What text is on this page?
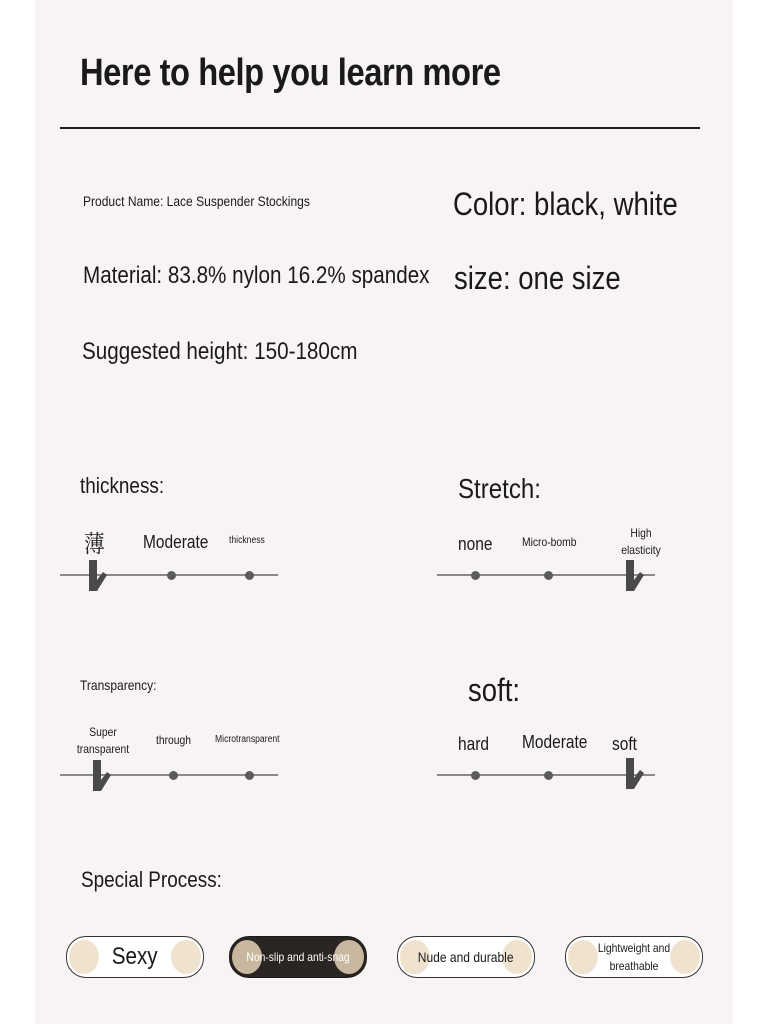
Here to help you learn more
Product Name: Lace Suspender Stockings	Color: black, white
Material: 83.8% nylon 16.2% spandex size: one size
Suggested height: 150-180cm
thickness:
薄 Moderate thickness
Stretch:
none Micro-bomb
High elasticity
Transparency:
Super transparent
through Microtransparent
soft:
hard Moderate soft
Special Process:
Sexy	Non-slip and anti-snag	Nude and durable
Lightweight and breathable
